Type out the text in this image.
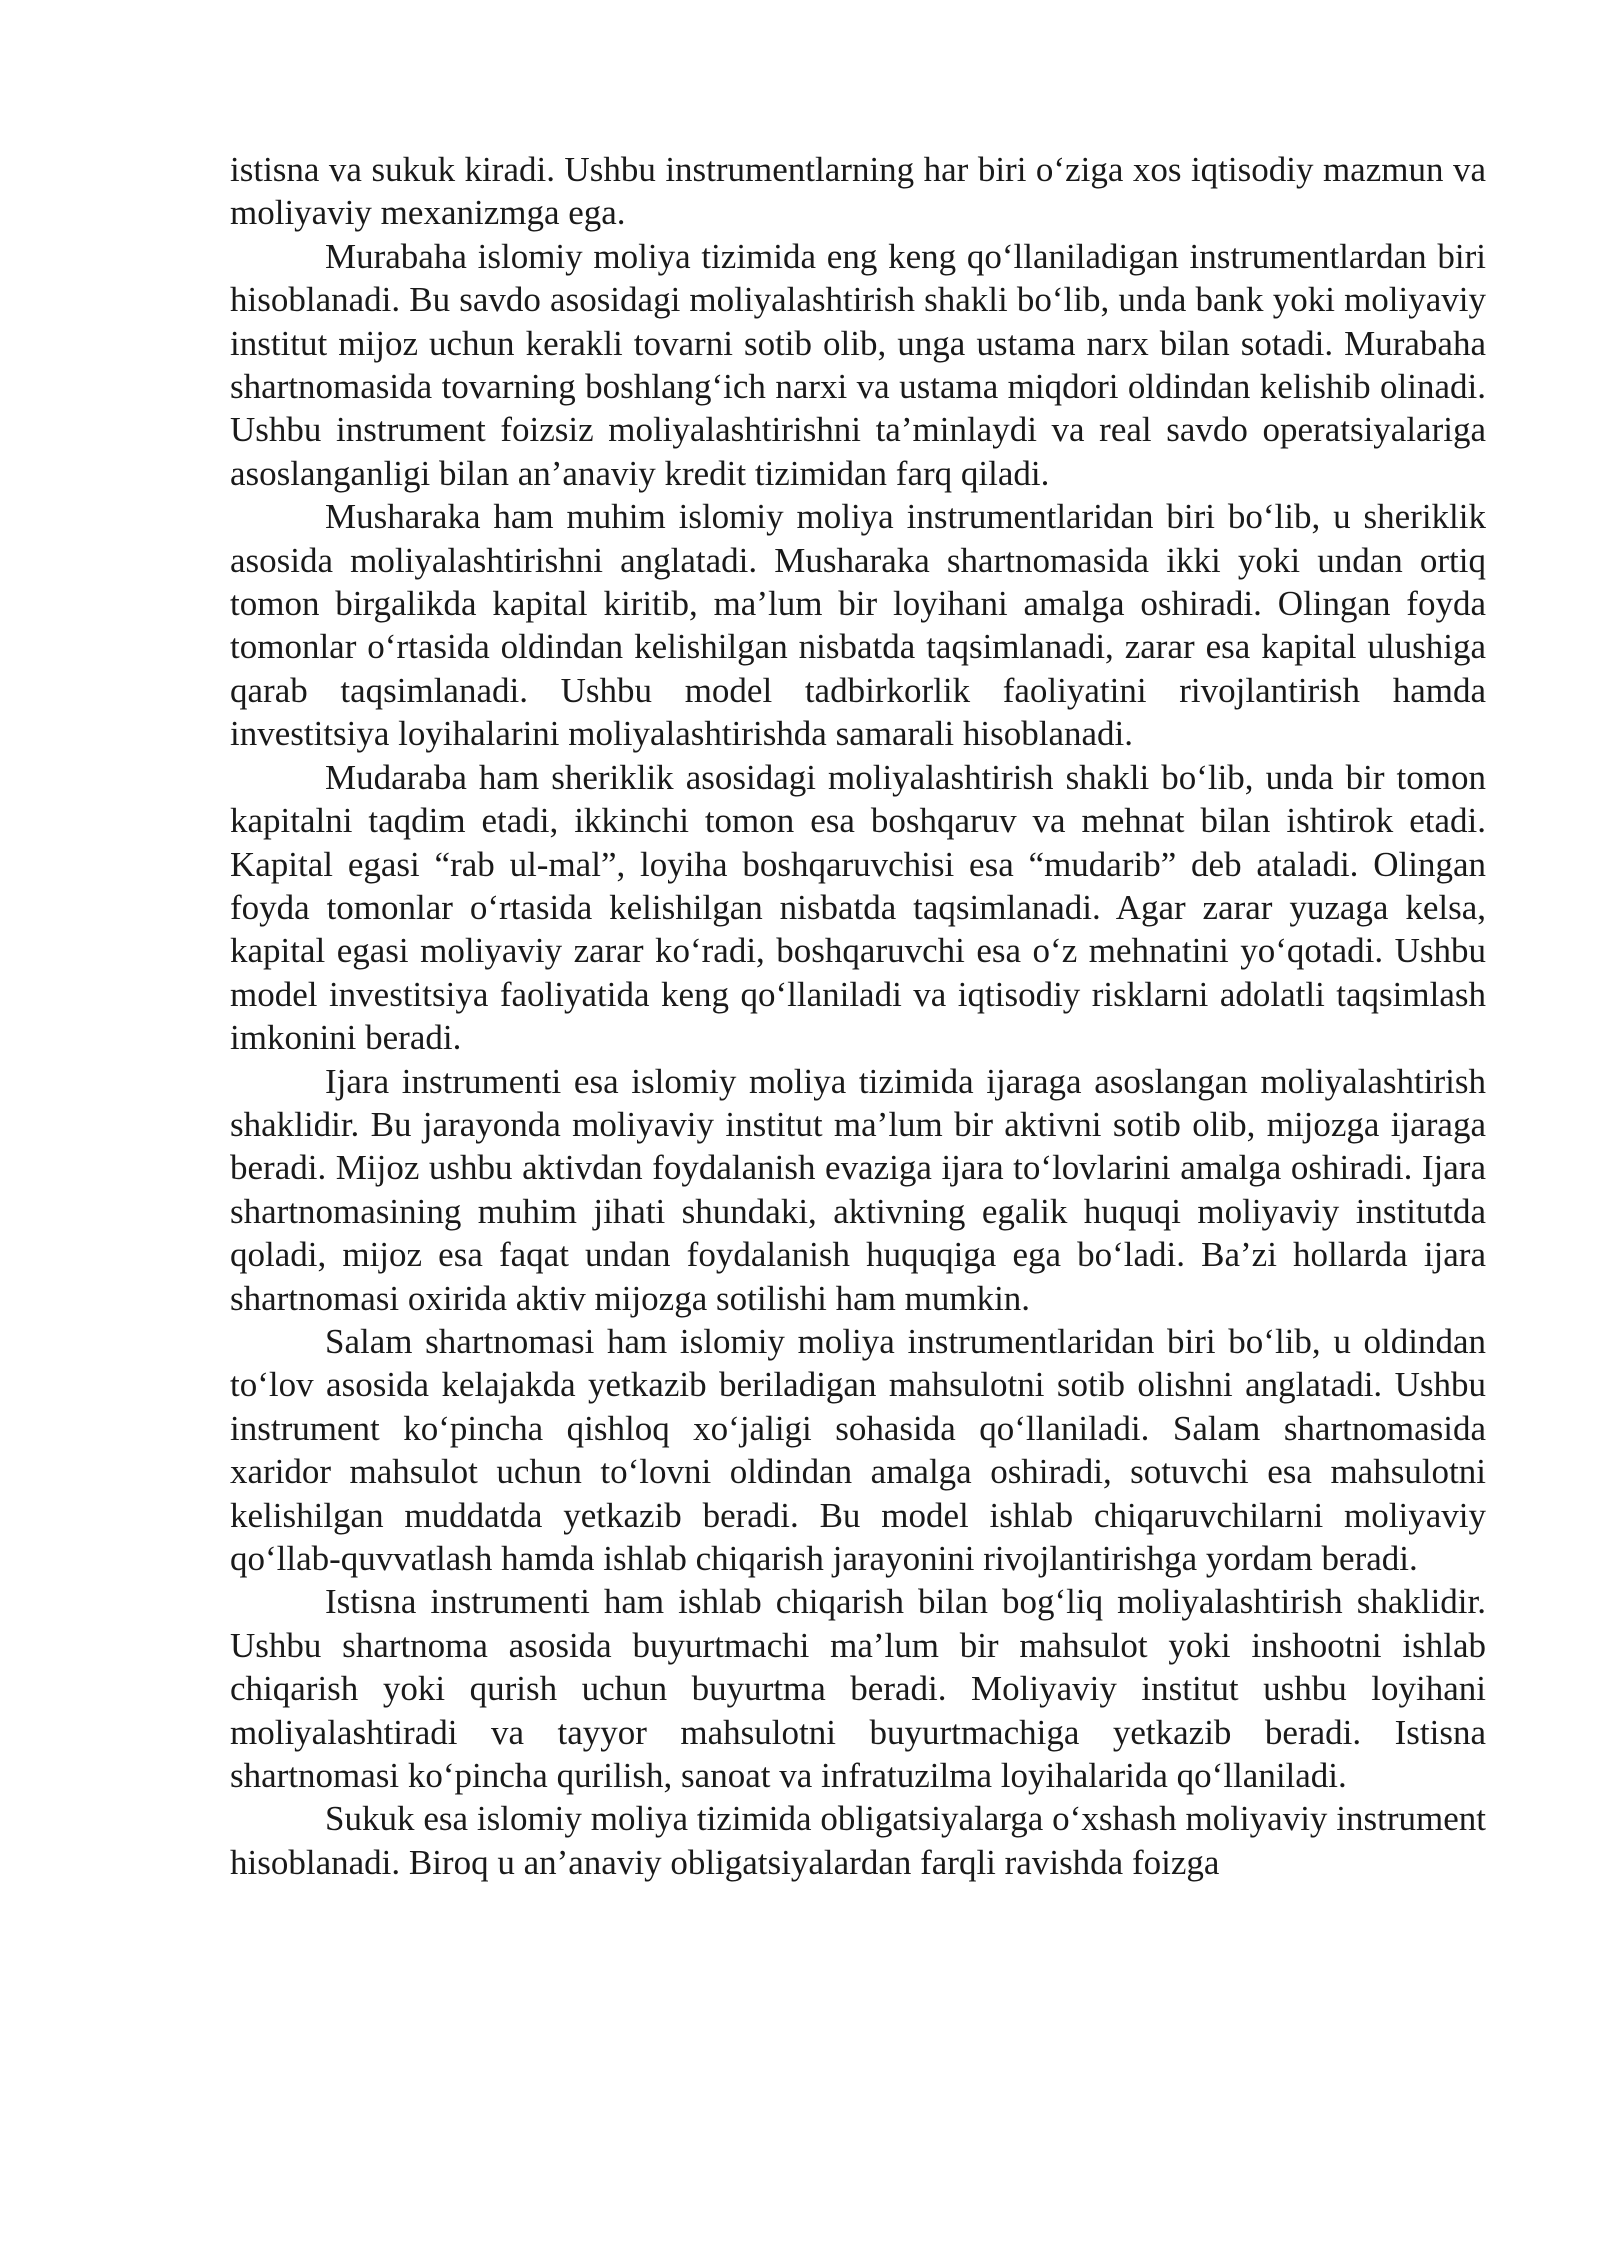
istisna va sukuk kiradi. Ushbu instrumentlarning har biri o‘ziga xos iqtisodiy mazmun va moliyaviy mexanizmga ega.

Murabaha islomiy moliya tizimida eng keng qo‘llaniladigan instrumentlardan biri hisoblanadi. Bu savdo asosidagi moliyalashtirish shakli bo‘lib, unda bank yoki moliyaviy institut mijoz uchun kerakli tovarni sotib olib, unga ustama narx bilan sotadi. Murabaha shartnomasida tovarning boshlang‘ich narxi va ustama miqdori oldindan kelishib olinadi. Ushbu instrument foizsiz moliyalashtirishni ta’minlaydi va real savdo operatsiyalariga asoslanganligi bilan an’anaviy kredit tizimidan farq qiladi.

Musharaka ham muhim islomiy moliya instrumentlaridan biri bo‘lib, u sheriklik asosida moliyalashtirishni anglatadi. Musharaka shartnomasida ikki yoki undan ortiq tomon birgalikda kapital kiritib, ma’lum bir loyihani amalga oshiradi. Olingan foyda tomonlar o‘rtasida oldindan kelishilgan nisbatda taqsimlanadi, zarar esa kapital ulushiga qarab taqsimlanadi. Ushbu model tadbirkorlik faoliyatini rivojlantirish hamda investitsiya loyihalarini moliyalashtirishda samarali hisoblanadi.

Mudaraba ham sheriklik asosidagi moliyalashtirish shakli bo‘lib, unda bir tomon kapitalni taqdim etadi, ikkinchi tomon esa boshqaruv va mehnat bilan ishtirok etadi. Kapital egasi “rab ul-mal”, loyiha boshqaruvchisi esa “mudarib” deb ataladi. Olingan foyda tomonlar o‘rtasida kelishilgan nisbatda taqsimlanadi. Agar zarar yuzaga kelsa, kapital egasi moliyaviy zarar ko‘radi, boshqaruvchi esa o‘z mehnatini yo‘qotadi. Ushbu model investitsiya faoliyatida keng qo‘llaniladi va iqtisodiy risklarni adolatli taqsimlash imkonini beradi.

Ijara instrumenti esa islomiy moliya tizimida ijaraga asoslangan moliyalashtirish shaklidir. Bu jarayonda moliyaviy institut ma’lum bir aktivni sotib olib, mijozga ijaraga beradi. Mijoz ushbu aktivdan foydalanish evaziga ijara to‘lovlarini amalga oshiradi. Ijara shartnomasining muhim jihati shundaki, aktivning egalik huquqi moliyaviy institutda qoladi, mijoz esa faqat undan foydalanish huquqiga ega bo‘ladi. Ba’zi hollarda ijara shartnomasi oxirida aktiv mijozga sotilishi ham mumkin.

Salam shartnomasi ham islomiy moliya instrumentlaridan biri bo‘lib, u oldindan to‘lov asosida kelajakda yetkazib beriladigan mahsulotni sotib olishni anglatadi. Ushbu instrument ko‘pincha qishloq xo‘jaligi sohasida qo‘llaniladi. Salam shartnomasida xaridor mahsulot uchun to‘lovni oldindan amalga oshiradi, sotuvchi esa mahsulotni kelishilgan muddatda yetkazib beradi. Bu model ishlab chiqaruvchilarni moliyaviy qo‘llab-quvvatlash hamda ishlab chiqarish jarayonini rivojlantirishga yordam beradi.

Istisna instrumenti ham ishlab chiqarish bilan bog‘liq moliyalashtirish shaklidir. Ushbu shartnoma asosida buyurtmachi ma’lum bir mahsulot yoki inshootni ishlab chiqarish yoki qurish uchun buyurtma beradi. Moliyaviy institut ushbu loyihani moliyalashtiradi va tayyor mahsulotni buyurtmachiga yetkazib beradi. Istisna shartnomasi ko‘pincha qurilish, sanoat va infratuzilma loyihalarida qo‘llaniladi.

Sukuk esa islomiy moliya tizimida obligatsiyalarga o‘xshash moliyaviy instrument hisoblanadi. Biroq u an’anaviy obligatsiyalardan farqli ravishda foizga
